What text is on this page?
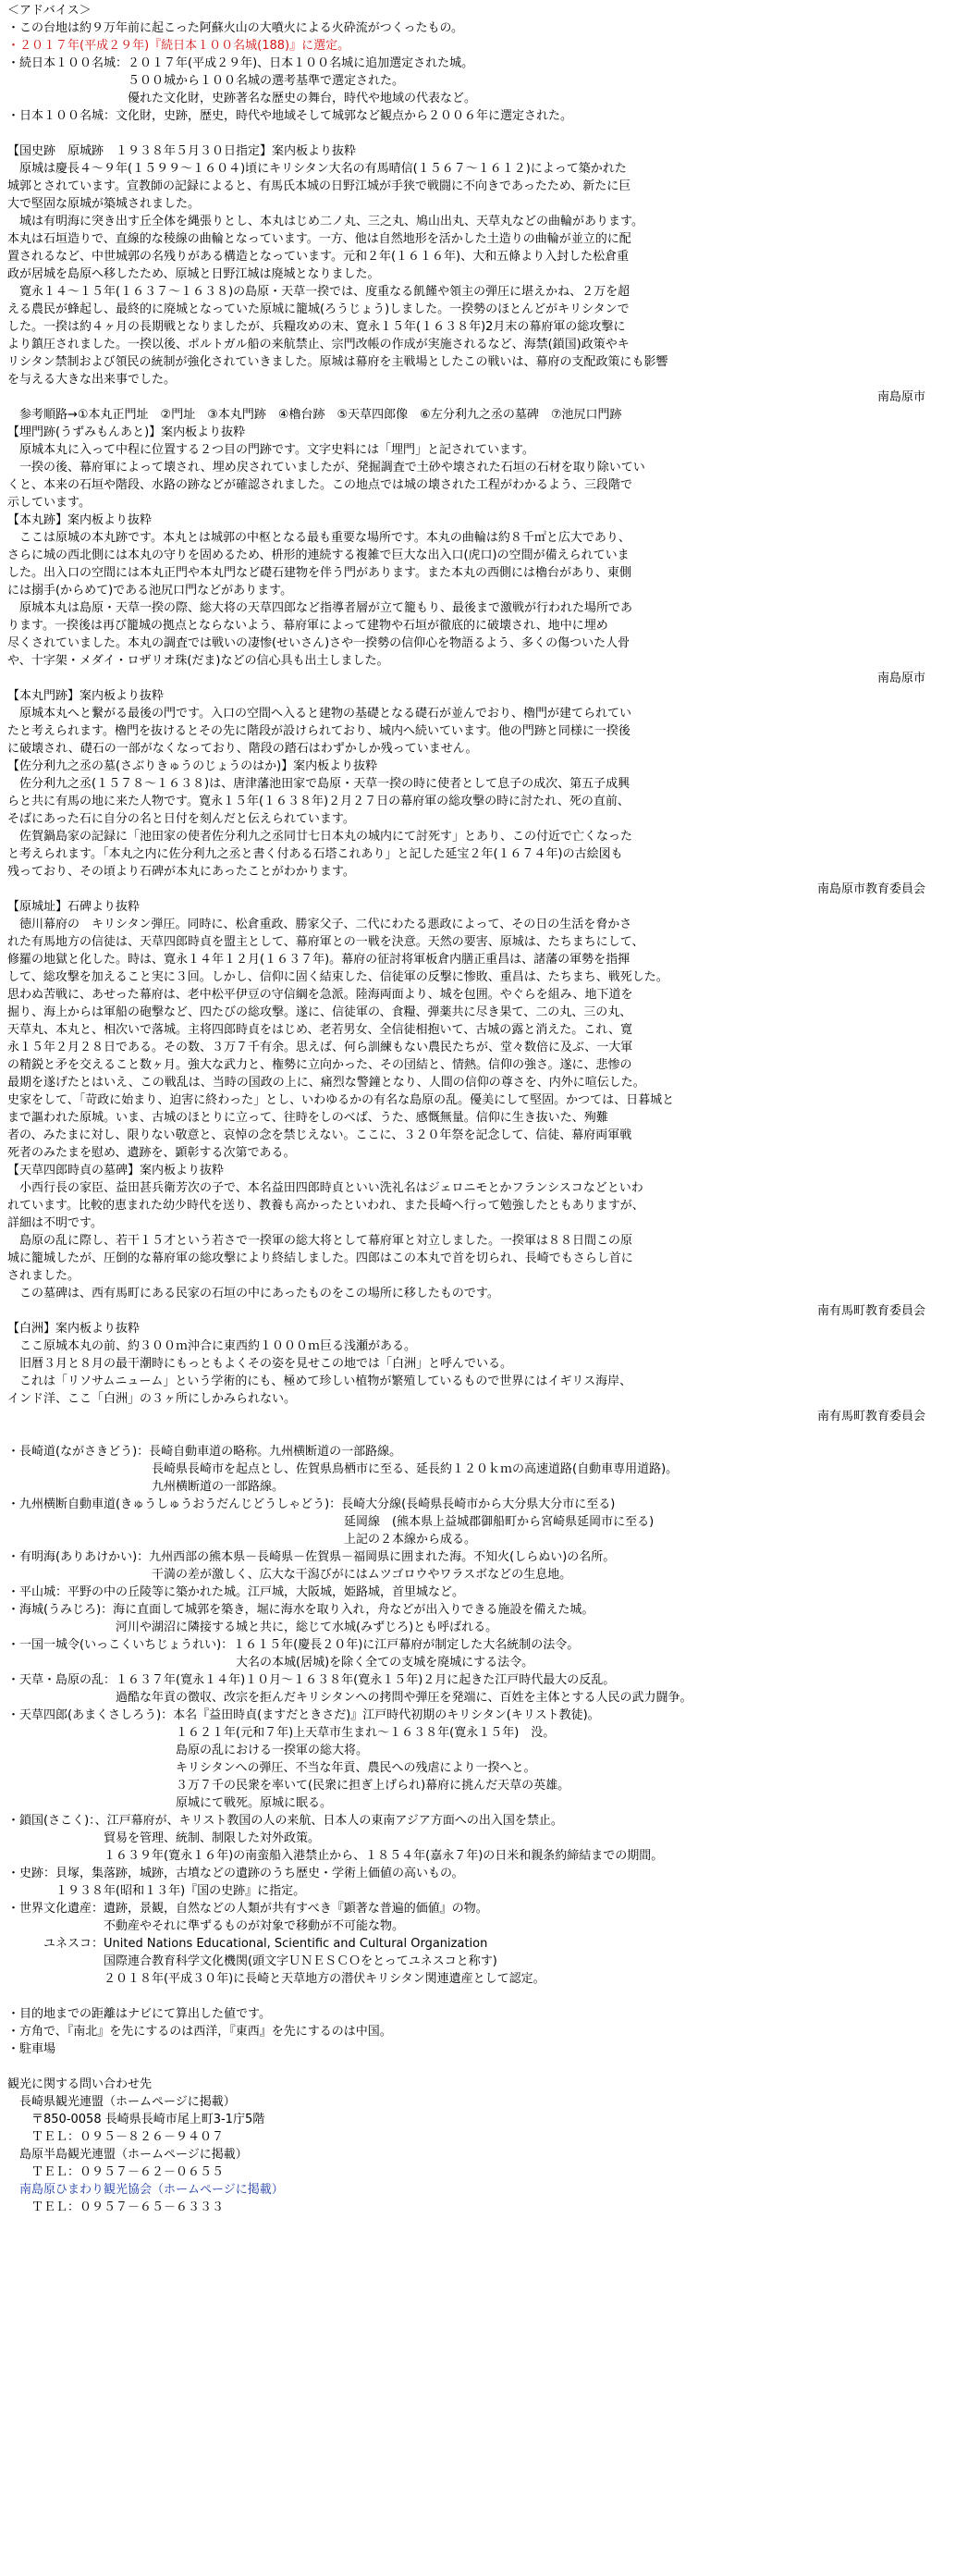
＜アドバイス＞
・この台地は約９万年前に起こった阿蘇火山の大噴火による火砕流がつくったもの。
・２０１７年(平成２９年)『続日本１００名城(188)』に選定。
・続日本１００名城：２０１７年(平成２９年)、日本１００名城に追加選定された城。
　　　　　　　　　　５００城から１００名城の選考基準で選定された。
　　　　　　　　　　優れた文化財，史跡著名な歴史の舞台，時代や地域の代表など。
・日本１００名城：文化財，史跡，歴史，時代や地域そして城郭など観点から２００６年に選定された。
【国史跡　原城跡　１９３８年５月３０日指定】案内板より抜粋
　原城は慶長４〜９年(１５９９〜１６０４)頃にキリシタン大名の有馬晴信(１５６７〜１６１２)によって築かれた
城郭とされています。宣教師の記録によると、有馬氏本城の日野江城が手狭で戦闘に不向きであったため、新たに巨
大で堅固な原城が築城されました。
　城は有明海に突き出す丘全体を縄張りとし、本丸はじめ二ノ丸、三之丸、鳩山出丸、天草丸などの曲輪があります。
本丸は石垣造りで、直線的な稜線の曲輪となっています。一方、他は自然地形を活かした土造りの曲輪が並立的に配
置されるなど、中世城郭の名残りがある構造となっています。元和２年(１６１６年)、大和五條より入封した松倉重
政が居城を島原へ移したため、原城と日野江城は廃城となりました。
　寛永１４〜１５年(１６３７〜１６３８)の島原・天草一揆では、度重なる飢饉や領主の弾圧に堪えかね、２万を超
える農民が蜂起し、最終的に廃城となっていた原城に籠城(ろうじょう)しました。一揆勢のほとんどがキリシタンで
した。一揆は約４ヶ月の長期戦となりましたが、兵糧攻めの末、寛永１５年(１６３８年)2月末の幕府軍の総攻撃に
より鎮圧されました。一揆以後、ポルトガル船の来航禁止、宗門改帳の作成が実施されるなど、海禁(鎖国)政策やキ
リシタン禁制および領民の統制が強化されていきました。原城は幕府を主戦場としたこの戦いは、幕府の支配政策にも影響
を与える大きな出来事でした。
南島原市
　参考順路→①本丸正門址　②門址　③本丸門跡　④櫓台跡　⑤天草四郎像　⑥左分利九之丞の墓碑　⑦池尻口門跡
【埋門跡(うずみもんあと)】案内板より抜粋
　原城本丸に入って中程に位置する２つ目の門跡です。文字史料には「埋門」と記されています。
　一揆の後、幕府軍によって壊され、埋め戻されていましたが、発掘調査で土砂や壊された石垣の石材を取り除いてい
くと、本来の石垣や階段、水路の跡などが確認されました。この地点では城の壊された工程がわかるよう、三段階で
示しています。
【本丸跡】案内板より抜粋
　ここは原城の本丸跡です。本丸とは城郭の中枢となる最も重要な場所です。本丸の曲輪は約８千㎡と広大であり、
さらに城の西北側には本丸の守りを固めるため、枡形的連続する複雑で巨大な出入口(虎口)の空間が備えられていま
した。出入口の空間には本丸正門や本丸門など礎石建物を伴う門があります。また本丸の西側には櫓台があり、東側
には搦手(からめて)である池尻口門などがあります。
　原城本丸は島原・天草一揆の際、総大将の天草四郎など指導者層が立て籠もり、最後まで激戦が行われた場所であ
ります。一揆後は再び籠城の拠点とならないよう、幕府軍によって建物や石垣が徹底的に破壊され、地中に埋め
尽くされていました。本丸の調査では戦いの凄惨(せいさん)さや一揆勢の信仰心を物語るよう、多くの傷ついた人骨
や、十字架・メダイ・ロザリオ珠(だま)などの信心具も出土しました。
南島原市
【本丸門跡】案内板より抜粋
　原城本丸へと繋がる最後の門です。入口の空間へ入ると建物の基礎となる礎石が並んでおり、櫓門が建てられてい
たと考えられます。櫓門を抜けるとその先に階段が設けられており、城内へ続いています。他の門跡と同様に一揆後
に破壊され、礎石の一部がなくなっており、階段の踏石はわずかしか残っていません。
【佐分利九之丞の墓(さぶりきゅうのじょうのはか)】案内板より抜粋
　佐分利九之丞(１５７８〜１６３８)は、唐津藩池田家で島原・天草一揆の時に使者として息子の成次、第五子成興
らと共に有馬の地に来た人物です。寛永１５年(１６３８年)２月２７日の幕府軍の総攻撃の時に討たれ、死の直前、
そばにあった石に自分の名と日付を刻んだと伝えられています。
　佐賀鍋島家の記録に「池田家の使者佐分利九之丞同廿七日本丸の城内にて討死す」とあり、この付近で亡くなった
と考えられます。「本丸之内に佐分利九之丞と書く付ある石塔これあり」と記した延宝２年(１６７４年)の古絵図も
残っており、その頃より石碑が本丸にあったことがわかります。
南島原市教育委員会
【原城址】石碑より抜粋
　徳川幕府の　キリシタン弾圧。同時に、松倉重政、勝家父子、二代にわたる悪政によって、その日の生活を脅かさ
れた有馬地方の信徒は、天草四郎時貞を盟主として、幕府軍との一戦を決意。天然の要害、原城は、たちまちにして、
修羅の地獄と化した。時は、寛永１４年１２月(１６３７年)。幕府の征討将軍板倉内膳正重昌は、諸藩の軍勢を指揮
して、総攻撃を加えること実に３回。しかし、信仰に固く結束した、信徒軍の反撃に惨敗、重昌は、たちまち、戦死した。
思わぬ苦戦に、あせった幕府は、老中松平伊豆の守信綱を急派。陸海両面より、城を包囲。やぐらを組み、地下道を
掘り、海上からは軍船の砲撃など、四たびの総攻撃。遂に、信徒軍の、食糧、弾薬共に尽き果て、二の丸、三の丸、
天草丸、本丸と、相次いで落城。主将四郎時貞をはじめ、老若男女、全信徒相抱いて、古城の露と消えた。これ、寛
永１５年２月２８日である。その数、３万７千有余。思えば、何ら訓練もない農民たちが、堂々数倍に及ぶ、一大軍
の精鋭と矛を交えること数ヶ月。強大な武力と、権勢に立向かった、その団結と、情熱。信仰の強さ。遂に、悲惨の
最期を遂げたとはいえ、この戦乱は、当時の国政の上に、痛烈な警鐘となり、人間の信仰の尊さを、内外に喧伝した。
史家をして、「苛政に始まり、迫害に終わった」とし、いわゆるかの有名な島原の乱。優美にして堅固。かつては、日暮城と
まで謳われた原城。いま、古城のほとりに立って、往時をしのべば、うた、感慨無量。信仰に生き抜いた、殉難
者の、みたまに対し、限りない敬意と、哀悼の念を禁じえない。ここに、３２０年祭を記念して、信徒、幕府両軍戦
死者のみたまを慰め、遺跡を、顕彰する次第である。
【天草四郎時貞の墓碑】案内板より抜粋
　小西行長の家臣、益田甚兵衛芳次の子で、本名益田四郎時貞といい洗礼名はジェロニモとかフランシスコなどといわ
れています。比較的恵まれた幼少時代を送り、教養も高かったといわれ、また長崎へ行って勉強したともありますが、
詳細は不明です。
　島原の乱に際し、若干１５才という若さで一揆軍の総大将として幕府軍と対立しました。一揆軍は８８日間この原
城に籠城したが、圧倒的な幕府軍の総攻撃により終結しました。四郎はこの本丸で首を切られ、長崎でもさらし首に
されました。
　この墓碑は、西有馬町にある民家の石垣の中にあったものをこの場所に移したものです。
南有馬町教育委員会
【白洲】案内板より抜粋
　ここ原城本丸の前、約３００ｍ沖合に東西約１０００ｍ巨る浅瀬がある。
　旧暦３月と８月の最干潮時にもっともよくその姿を見せこの地では「白洲」と呼んでいる。
　これは「リソサムニューム」という学術的にも、極めて珍しい植物が繁殖しているもので世界にはイギリス海岸、
インド洋、ここ「白洲」の３ヶ所にしかみられない。
南有馬町教育委員会
・長崎道(ながさきどう)：長崎自動車道の略称。九州横断道の一部路線。
　　　　　　　　　　　　長崎県長崎市を起点とし、佐賀県鳥栖市に至る、延長約１２０ｋｍの高速道路(自動車専用道路)。
　　　　　　　　　　　　九州横断道の一部路線。
・九州横断自動車道(きゅうしゅうおうだんじどうしゃどう)：長崎大分線(長崎県長崎市から大分県大分市に至る)
　　　　　　　　　　　　　　　　　　　　　　　　　　　　延岡線　(熊本県上益城郡御船町から宮崎県延岡市に至る)
　　　　　　　　　　　　　　　　　　　　　　　　　　　　上記の２本線から成る。
・有明海(ありあけかい)：九州西部の熊本県－長崎県－佐賀県－福岡県に囲まれた海。不知火(しらぬい)の名所。
　　　　　　　　　　　　干満の差が激しく、広大な干潟びがにはムツゴロウやワラスボなどの生息地。
・平山城：平野の中の丘陵等に築かれた城。江戸城，大阪城，姫路城，首里城など。
・海城(うみじろ)：海に直面して城郭を築き，堀に海水を取り入れ，舟などが出入りできる施設を備えた城。
　　　　　　　　　河川や湖沼に隣接する城と共に，総じて水城(みずじろ)とも呼ばれる。
・一国一城令(いっこくいちじょうれい)：１６１５年(慶長２０年)に江戸幕府が制定した大名統制の法令。
　　　　　　　　　　　　　　　　　　　大名の本城(居城)を除く全ての支城を廃城にする法令。
・天草・島原の乱：１６３７年(寛永１４年)１０月〜１６３８年(寛永１５年)２月に起きた江戸時代最大の反乱。
　　　　　　　　　過酷な年貢の徴収、改宗を拒んだキリシタンへの拷問や弾圧を発端に、百姓を主体とする人民の武力闘争。
・天草四郎(あまくさしろう)：本名『益田時貞(ますだときさだ)』江戸時代初期のキリシタン(キリスト教徒)。
　　　　　　　　　　　　　　１６２１年(元和７年)上天草市生まれ〜１６３８年(寛永１５年)　没。
　　　　　　　　　　　　　　島原の乱における一揆軍の総大将。
　　　　　　　　　　　　　　キリシタンへの弾圧、不当な年貢、農民への残虐により一揆へと。
　　　　　　　　　　　　　　３万７千の民衆を率いて(民衆に担ぎ上げられ)幕府に挑んだ天草の英雄。
　　　　　　　　　　　　　　原城にて戦死。原城に眠る。
・鎖国(さこく)：、江戸幕府が、キリスト教国の人の来航、日本人の東南アジア方面への出入国を禁止。
　　　　　　　　貿易を管理、統制、制限した対外政策。
　　　　　　　　１６３９年(寛永１６年)の南蛮船入港禁止から、１８５４年(嘉永７年)の日米和親条約締結までの期間。
・史跡：貝塚，集落跡，城跡，古墳などの遺跡のうち歴史・学術上価値の高いもの。
　　　　１９３８年(昭和１３年)『国の史跡』に指定。
・世界文化遺産：遺跡，景観，自然などの人類が共有すべき『顕著な普遍的価値』の物。
　　　　　　　　不動産やそれに準ずるものが対象で移動が不可能な物。
　　　ユネスコ：United Nations Educational, Scientific and Cultural Organization
　　　　　　　　国際連合教育科学文化機関(頭文字ＵＮＥＳＣＯをとってユネスコと称す)
　　　　　　　　２０１８年(平成３０年)に長崎と天草地方の潜伏キリシタン関連遺産として認定。
・目的地までの距離はナビにて算出した値です。
・方角で、『南北』を先にするのは西洋，『東西』を先にするのは中国。
・駐車場
観光に関する問い合わせ先
　長崎県観光連盟（ホームページに掲載）
　　〒850-0058 長崎県長崎市尾上町3-1庁5階
　　ＴＥＬ：０９５－８２６－９４０７
　島原半島観光連盟（ホームページに掲載）
　　ＴＥＬ：０９５７－６２－０６５５
　南島原ひまわり観光協会（ホームページに掲載）
　　ＴＥＬ：０９５７－６５－６３３３
